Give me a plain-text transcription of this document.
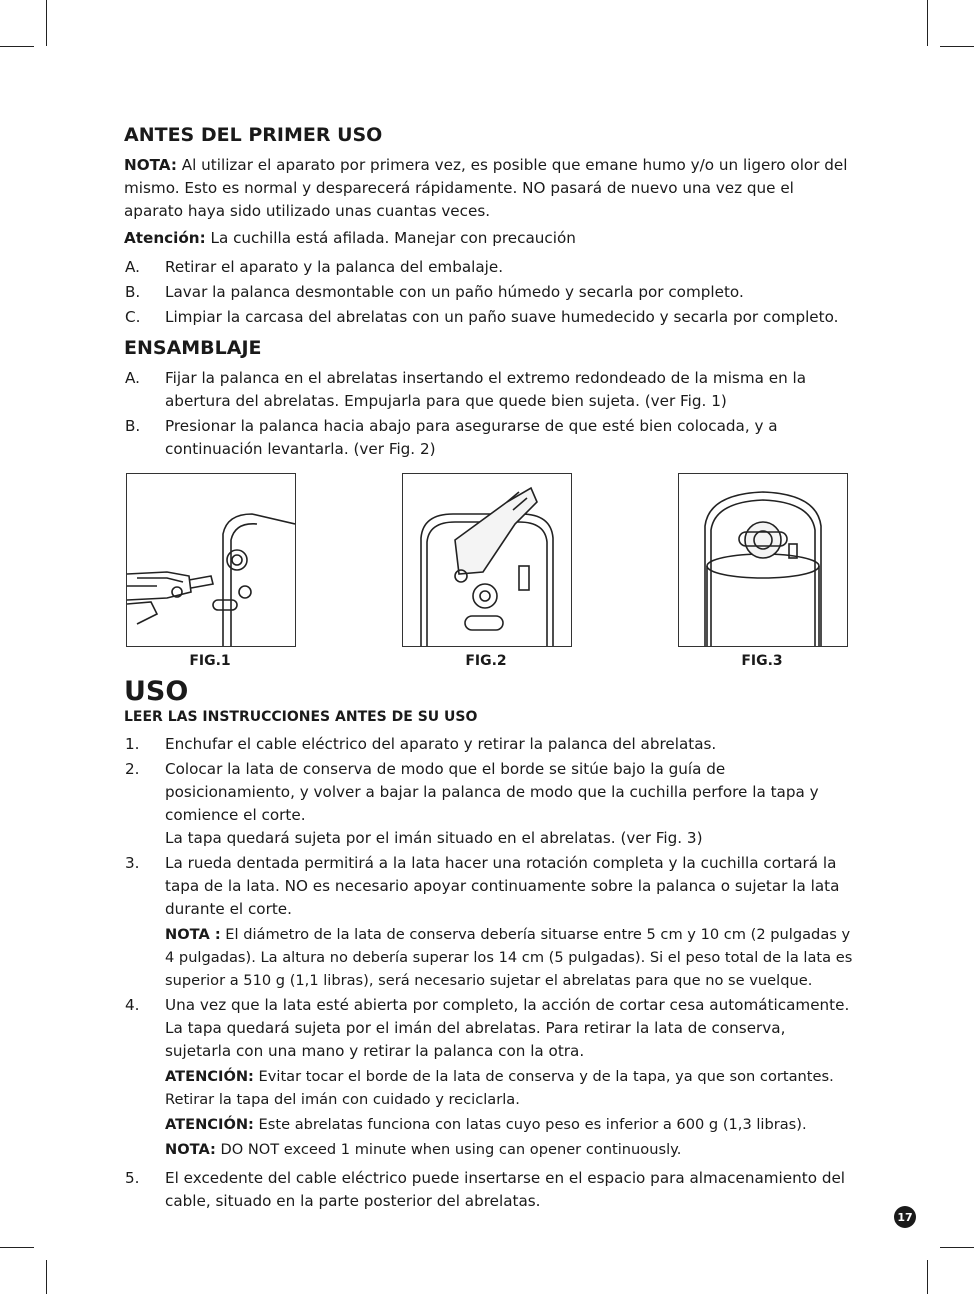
ANTES DEL PRIMER USO

NOTA: Al utilizar el aparato por primera vez, es posible que emane humo y/o un ligero olor del mismo. Esto es normal y desparecerá rápidamente. NO pasará de nuevo una vez que el aparato haya sido utilizado unas cuantas veces.

Atención: La cuchilla está afilada. Manejar con precaución

A. Retirar el aparato y la palanca del embalaje.
B. Lavar la palanca desmontable con un paño húmedo y secarla por completo.
C. Limpiar la carcasa del abrelatas con un paño suave humedecido y secarla por completo.
ENSAMBLAJE
A. Fijar la palanca en el abrelatas insertando el extremo redondeado de la misma en la abertura del abrelatas. Empujarla para que quede bien sujeta. (ver Fig. 1)
B. Presionar la palanca hacia abajo para asegurarse de que esté bien colocada, y a continuación levantarla. (ver Fig. 2)
FIG.1	FIG.2	FIG.3
USO
LEER LAS INSTRUCCIONES ANTES DE SU USO
1. Enchufar el cable eléctrico del aparato y retirar la palanca del abrelatas.
2. Colocar la lata de conserva de modo que el borde se sitúe bajo la guía de posicionamiento, y volver a bajar la palanca de modo que la cuchilla perfore la tapa y comience el corte.
La tapa quedará sujeta por el imán situado en el abrelatas. (ver Fig. 3)
3. La rueda dentada permitirá a la lata hacer una rotación completa y la cuchilla cortará la tapa de la lata. NO es necesario apoyar continuamente sobre la palanca o sujetar la lata durante el corte.
NOTA : El diámetro de la lata de conserva debería situarse entre 5 cm y 10 cm (2 pulgadas y 4 pulgadas). La altura no debería superar los 14 cm (5 pulgadas). Si el peso total de la lata es superior a 510 g (1,1 libras), será necesario sujetar el abrelatas para que no se vuelque.
4. Una vez que la lata esté abierta por completo, la acción de cortar cesa automáticamente. La tapa quedará sujeta por el imán del abrelatas. Para retirar la lata de conserva, sujetarla con una mano y retirar la palanca con la otra.
ATENCIÓN: Evitar tocar el borde de la lata de conserva y de la tapa, ya que son cortantes. Retirar la tapa del imán con cuidado y reciclarla.
ATENCIÓN: Este abrelatas funciona con latas cuyo peso es inferior a 600 g (1,3 libras).
NOTA: DO NOT exceed 1 minute when using can opener continuously.
5. El excedente del cable eléctrico puede insertarse en el espacio para almacenamiento del cable, situado en la parte posterior del abrelatas.
17
